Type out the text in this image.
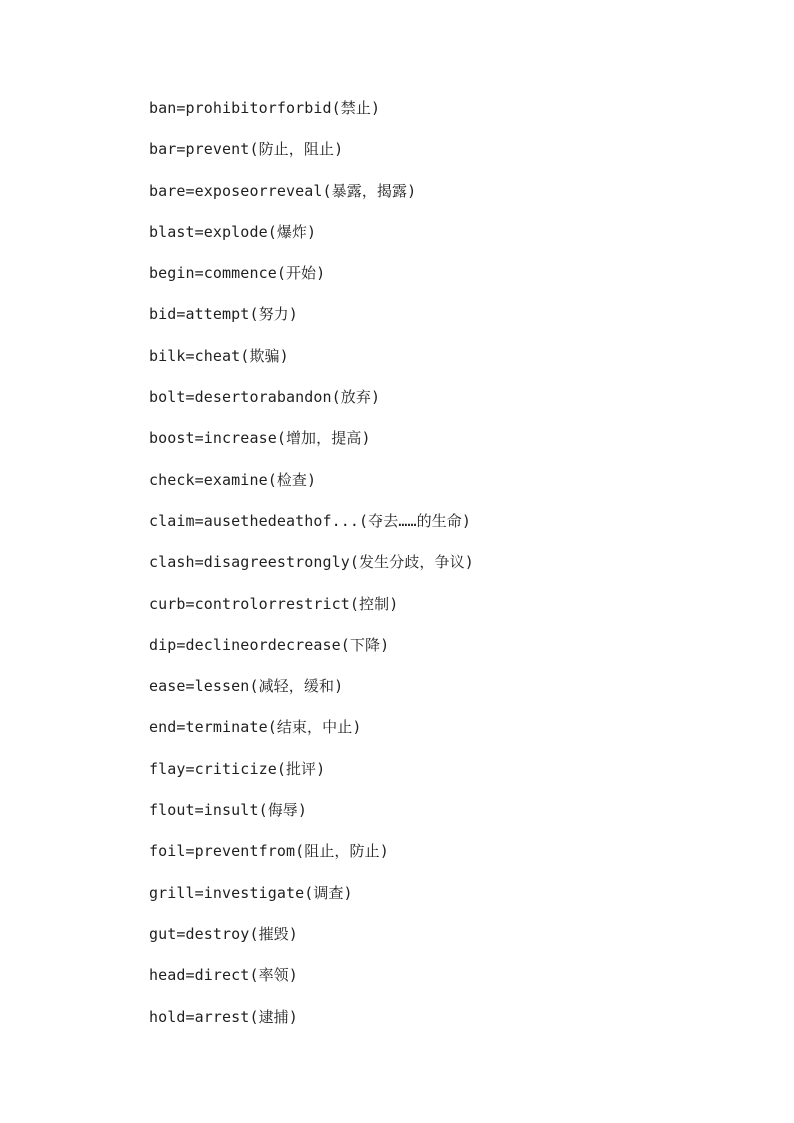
ban=prohibitorforbid(禁止)
bar=prevent(防止，阻止)
bare=exposeorreveal(暴露，揭露)
blast=explode(爆炸)
begin=commence(开始)
bid=attempt(努力)
bilk=cheat(欺骗)
bolt=desertorabandon(放弃)
boost=increase(增加，提高)
check=examine(检查)
claim=ausethedeathof...(夺去……的生命)
clash=disagreestrongly(发生分歧，争议)
curb=controlorrestrict(控制)
dip=declineordecrease(下降)
ease=lessen(减轻，缓和)
end=terminate(结束，中止)
flay=criticize(批评)
flout=insult(侮辱)
foil=preventfrom(阻止，防止)
grill=investigate(调查)
gut=destroy(摧毁)
head=direct(率领)
hold=arrest(逮捕)
